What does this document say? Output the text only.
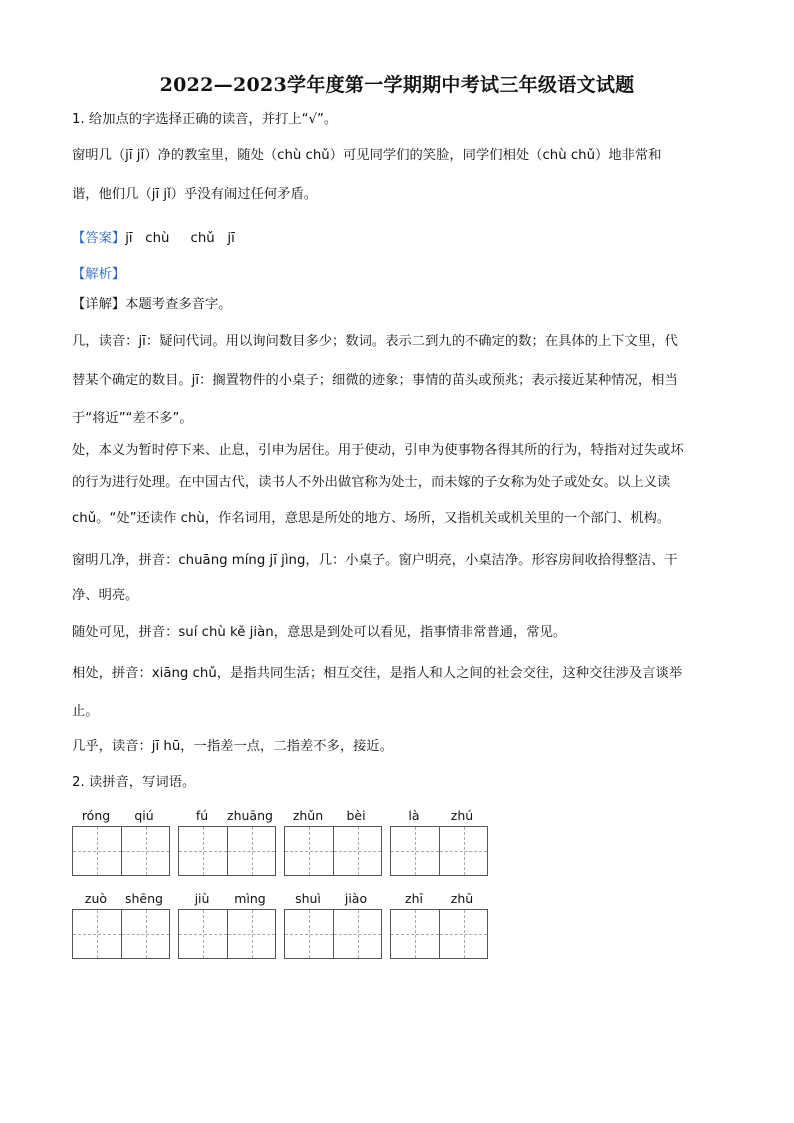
2022—2023学年度第一学期期中考试三年级语文试题
1. 给加点的字选择正确的读音，并打上“√”。
窗明几（jī jǐ）净的教室里，随处（chù chǔ）可见同学们的笑脸，同学们相处（chù chǔ）地非常和
谐，他们几（jī jǐ）乎没有闹过任何矛盾。
【答案】jī   chù     chǔ   jī
【解析】
【详解】本题考查多音字。
几，读音：jī：疑问代词。用以询问数目多少；数词。表示二到九的不确定的数；在具体的上下文里，代
替某个确定的数目。jī：搁置物件的小桌子；细微的迹象；事情的苗头或预兆；表示接近某种情况，相当
于“将近”“差不多”。
处，本义为暂时停下来、止息，引申为居住。用于使动，引申为使事物各得其所的行为，特指对过失或坏
的行为进行处理。在中国古代，读书人不外出做官称为处士，而未嫁的子女称为处子或处女。以上义读
chǔ。“处”还读作 chù，作名词用，意思是所处的地方、场所，又指机关或机关里的一个部门、机构。
窗明几净，拼音：chuāng míng jī jìng，几：小桌子。窗户明亮，小桌洁净。形容房间收拾得整洁、干
净、明亮。
随处可见，拼音：suí chù kě jiàn，意思是到处可以看见，指事情非常普通，常见。
相处，拼音：xiāng chǔ，是指共同生活；相互交往，是指人和人之间的社会交往，这种交往涉及言谈举
止。
几乎，读音：jī hū，一指差一点，二指差不多，接近。
2. 读拼音，写词语。
róng	qiú	fú	zhuāng	zhǔn	bèi	là	zhú
zuò	shēng	jiù	mìng	shuì	jiào	zhī	zhū
